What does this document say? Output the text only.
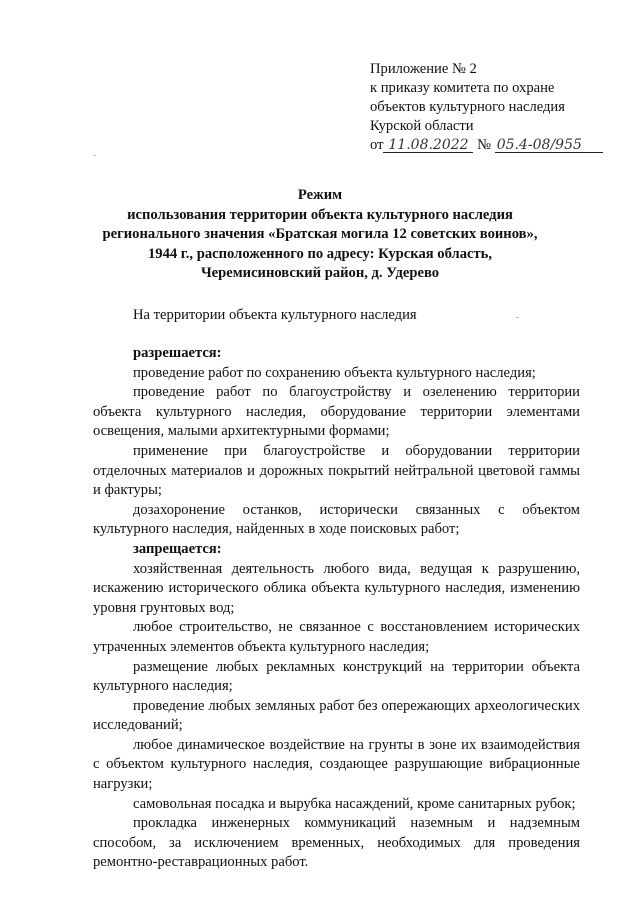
Приложение № 2
к приказу комитета по охране
объектов культурного наследия
Курской области
от 11.08.2022 № 05.4-08/955
Режим
использования территории объекта культурного наследия
регионального значения «Братская могила 12 советских воинов»,
1944 г., расположенного по адресу: Курская область,
Черемисиновский район, д. Удерево
На территории объекта культурного наследия
разрешается:

проведение работ по сохранению объекта культурного наследия;

проведение работ по благоустройству и озеленению территории объекта культурного наследия, оборудование территории элементами освещения, малыми архитектурными формами;

применение при благоустройстве и оборудовании территории отделочных материалов и дорожных покрытий нейтральной цветовой гаммы и фактуры;

дозахоронение останков, исторически связанных с объектом культурного наследия, найденных в ходе поисковых работ;

запрещается:

хозяйственная деятельность любого вида, ведущая к разрушению, искажению исторического облика объекта культурного наследия, изменению уровня грунтовых вод;

любое строительство, не связанное с восстановлением исторических утраченных элементов объекта культурного наследия;

размещение любых рекламных конструкций на территории объекта культурного наследия;

проведение любых земляных работ без опережающих археологических исследований;

любое динамическое воздействие на грунты в зоне их взаимодействия с объектом культурного наследия, создающее разрушающие вибрационные нагрузки;

самовольная посадка и вырубка насаждений, кроме санитарных рубок;

прокладка инженерных коммуникаций наземным и надземным способом, за исключением временных, необходимых для проведения ремонтно-реставрационных работ.
